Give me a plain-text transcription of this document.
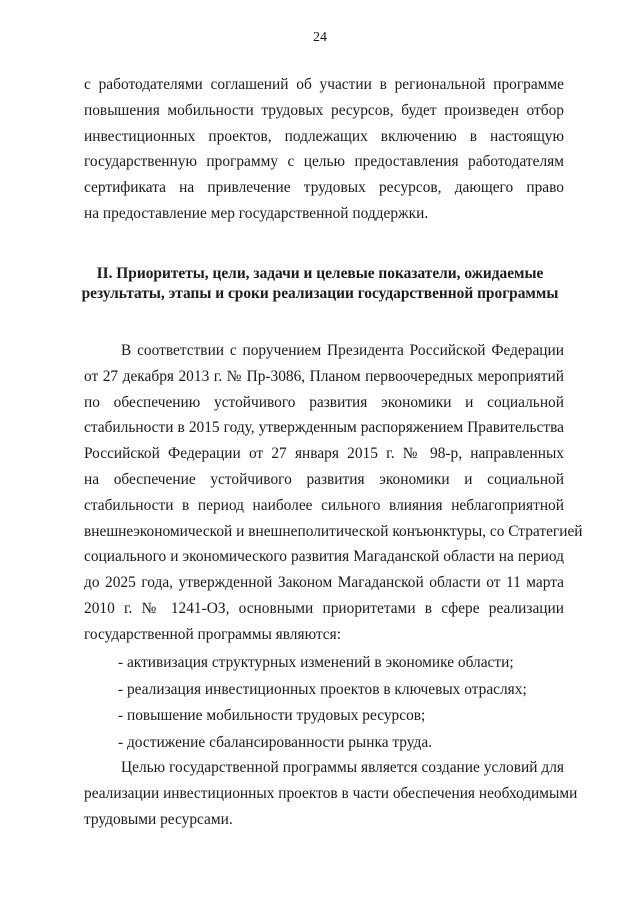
24
с работодателями соглашений об участии в региональной программе
повышения мобильности трудовых ресурсов, будет произведен отбор
инвестиционных проектов, подлежащих включению в настоящую
государственную программу с целью предоставления работодателям
сертификата на привлечение трудовых ресурсов, дающего право
на предоставление мер государственной поддержки.
II. Приоритеты, цели, задачи и целевые показатели, ожидаемые
результаты, этапы и сроки реализации государственной программы
В соответствии с поручением Президента Российской Федерации
от 27 декабря 2013 г. № Пр-3086, Планом первоочередных мероприятий
по обеспечению устойчивого развития экономики и социальной
стабильности в 2015 году, утвержденным распоряжением Правительства
Российской Федерации от 27 января 2015 г. № 98-р, направленных
на обеспечение устойчивого развития экономики и социальной
стабильности в период наиболее сильного влияния неблагоприятной
внешнеэкономической и внешнеполитической конъюнктуры, со Стратегией
социального и экономического развития Магаданской области на период
до 2025 года, утвержденной Законом Магаданской области от 11 марта
2010 г. № 1241-ОЗ, основными приоритетами в сфере реализации
государственной программы являются:
- активизация структурных изменений в экономике области;
- реализация инвестиционных проектов в ключевых отраслях;
- повышение мобильности трудовых ресурсов;
- достижение сбалансированности рынка труда.
Целью государственной программы является создание условий для
реализации инвестиционных проектов в части обеспечения необходимыми
трудовыми ресурсами.
